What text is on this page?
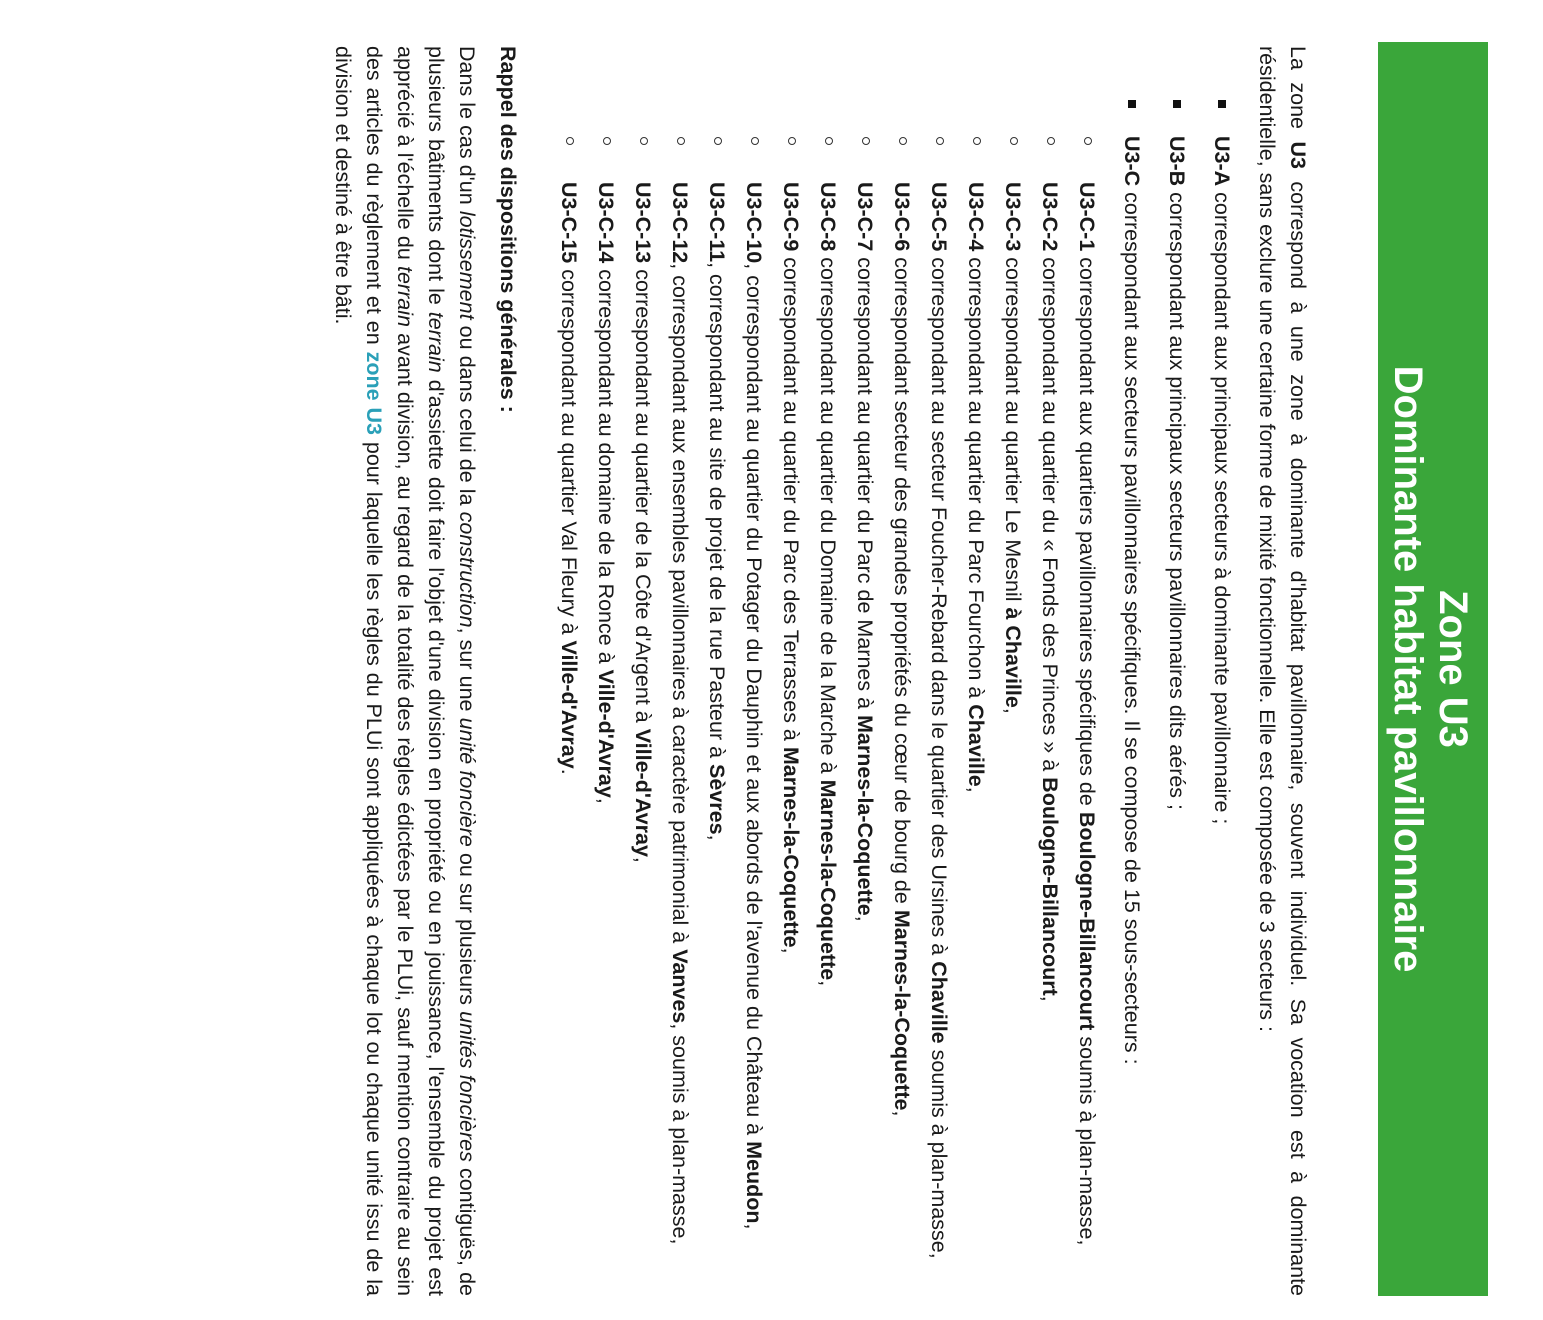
Zone U3
Dominante habitat pavillonnaire

La zone U3 correspond à une zone à dominante d'habitat pavillonnaire, souvent individuel. Sa vocation est à dominante résidentielle, sans exclure une certaine forme de mixité fonctionnelle. Elle est composée de 3 secteurs :

U3-A correspondant aux principaux secteurs à dominante pavillonnaire ;
U3-B correspondant aux principaux secteurs pavillonnaires dits aérés ;
U3-C correspondant aux secteurs pavillonnaires spécifiques. Il se compose de 15 sous-secteurs :
U3-C-1 correspondant aux quartiers pavillonnaires spécifiques de Boulogne-Billancourt soumis à plan-masse,
U3-C-2 correspondant au quartier du « Fonds des Princes » à Boulogne-Billancourt,
U3-C-3 correspondant au quartier Le Mesnil à Chaville,
U3-C-4 correspondant au quartier du Parc Fourchon à Chaville,
U3-C-5 correspondant au secteur Foucher-Rebard dans le quartier des Ursines à Chaville soumis à plan-masse,
U3-C-6 correspondant secteur des grandes propriétés du cœur de bourg de Marnes-la-Coquette,
U3-C-7 correspondant au quartier du Parc de Marnes à Marnes-la-Coquette,
U3-C-8 correspondant au quartier du Domaine de la Marche à Marnes-la-Coquette,
U3-C-9 correspondant au quartier du Parc des Terrasses à Marnes-la-Coquette,
U3-C-10, correspondant au quartier du Potager du Dauphin et aux abords de l'avenue du Château à Meudon,
U3-C-11, correspondant au site de projet de la rue Pasteur à Sèvres,
U3-C-12, correspondant aux ensembles pavillonnaires à caractère patrimonial à Vanves, soumis à plan-masse,
U3-C-13 correspondant au quartier de la Côte d'Argent à Ville-d'Avray,
U3-C-14 correspondant au domaine de la Ronce à Ville-d'Avray,
U3-C-15 correspondant au quartier Val Fleury à Ville-d'Avray.
Rappel des dispositions générales :

Dans le cas d'un lotissement ou dans celui de la construction, sur une unité foncière ou sur plusieurs unités foncières contiguës, de plusieurs bâtiments dont le terrain d'assiette doit faire l'objet d'une division en propriété ou en jouissance, l'ensemble du projet est apprécié à l'échelle du terrain avant division, au regard de la totalité des règles édictées par le PLUi, sauf mention contraire au sein des articles du règlement et en zone U3 pour laquelle les règles du PLUi sont appliquées à chaque lot ou chaque unité issu de la division et destiné à être bâti.
